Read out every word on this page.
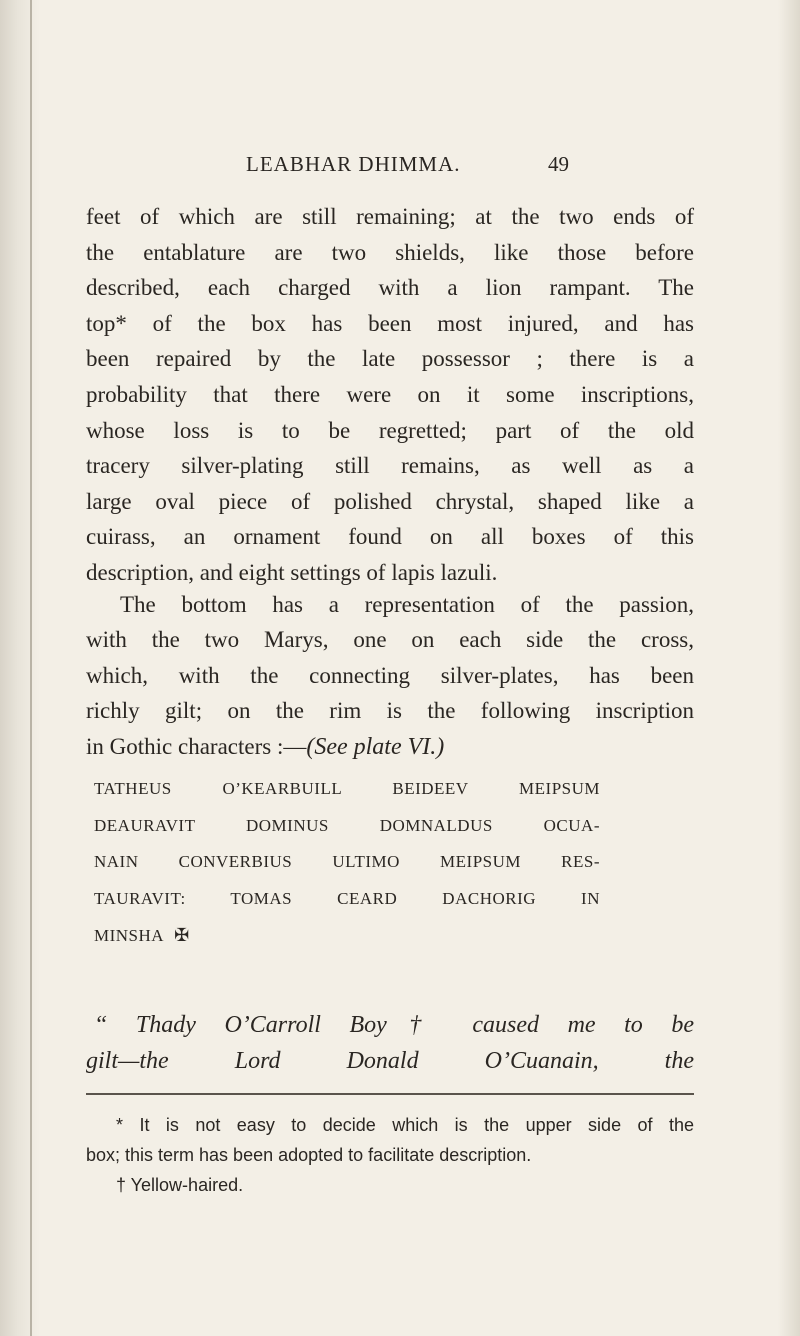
LEABHAR DHIMMA.	49
feet of which are still remaining; at the two ends of
the entablature are two shields, like those before
described, each charged with a lion rampant. The
top* of the box has been most injured, and has
been repaired by the late possessor ; there is a
probability that there were on it some inscriptions,
whose loss is to be regretted; part of the old
tracery silver-plating still remains, as well as a
large oval piece of polished chrystal, shaped like a
cuirass, an ornament found on all boxes of this
description, and eight settings of lapis lazuli.
The bottom has a representation of the passion,
with the two Marys, one on each side the cross,
which, with the connecting silver-plates, has been
richly gilt; on the rim is the following inscription
in Gothic characters :—(See plate VI.)
TATHEUS O’KEARBUILL BEIDEEV MEIPSUM
DEAURAVIT DOMINUS DOMNALDUS OCUA-
NAIN CONVERBIUS ULTIMO MEIPSUM RES-
TAURAVIT: TOMAS CEARD DACHORIG IN
MINSHA ✠
“ Thady O’Carroll Boy† caused me to be
gilt—the Lord Donald O’Cuanain, the
* It is not easy to decide which is the upper side of the
box; this term has been adopted to facilitate description.
† Yellow-haired.
